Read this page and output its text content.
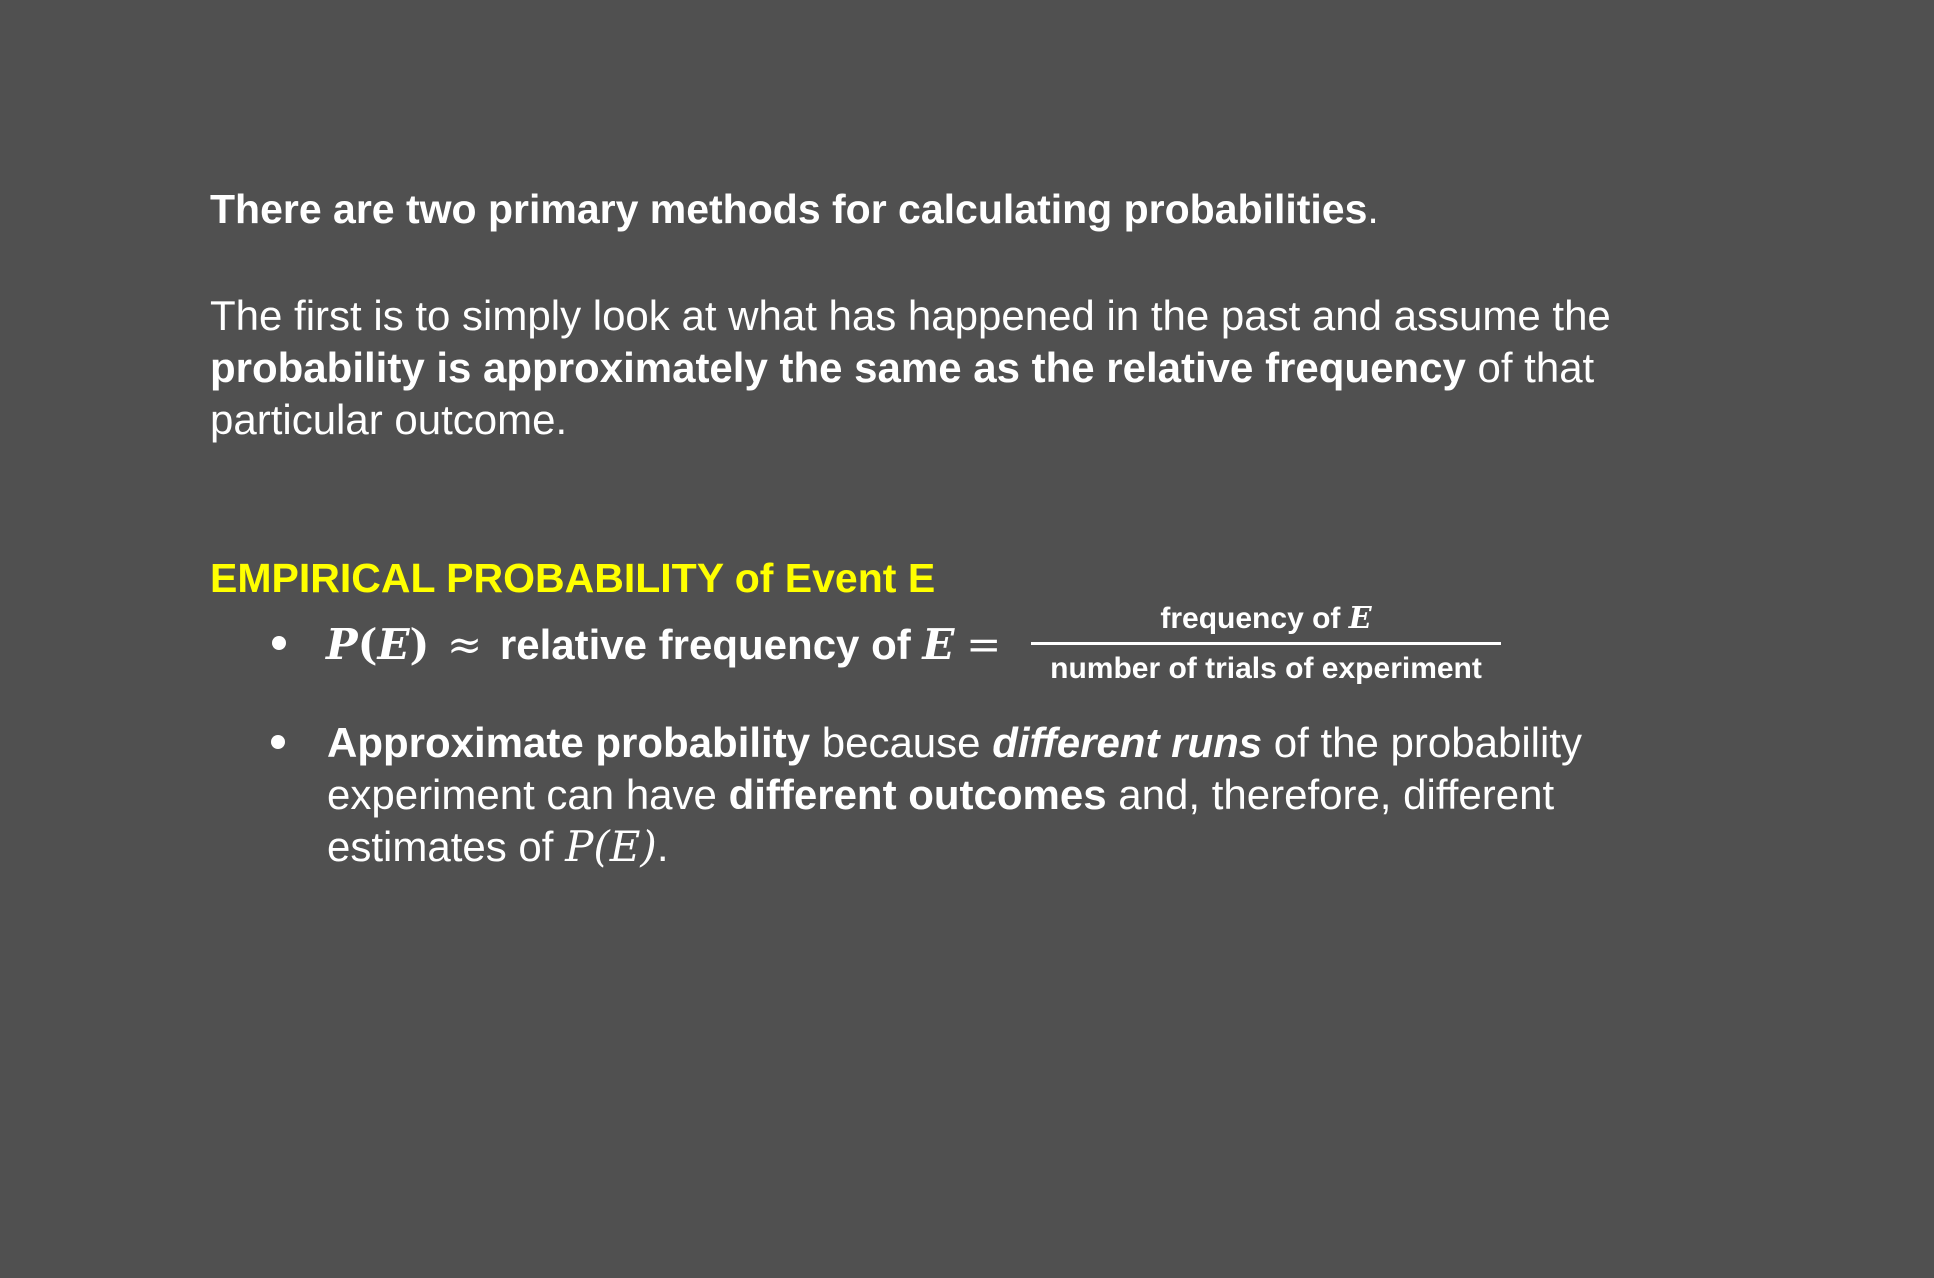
There are two primary methods for calculating probabilities.
The first is to simply look at what has happened in the past and assume the
probability is approximately the same as the relative frequency of that
particular outcome.
EMPIRICAL PROBABILITY of Event E
P(E) ≈ relative frequency of E =
frequency of E
number of trials of experiment
Approximate probability because different runs of the probability
experiment can have different outcomes and, therefore, different
estimates of P(E).
